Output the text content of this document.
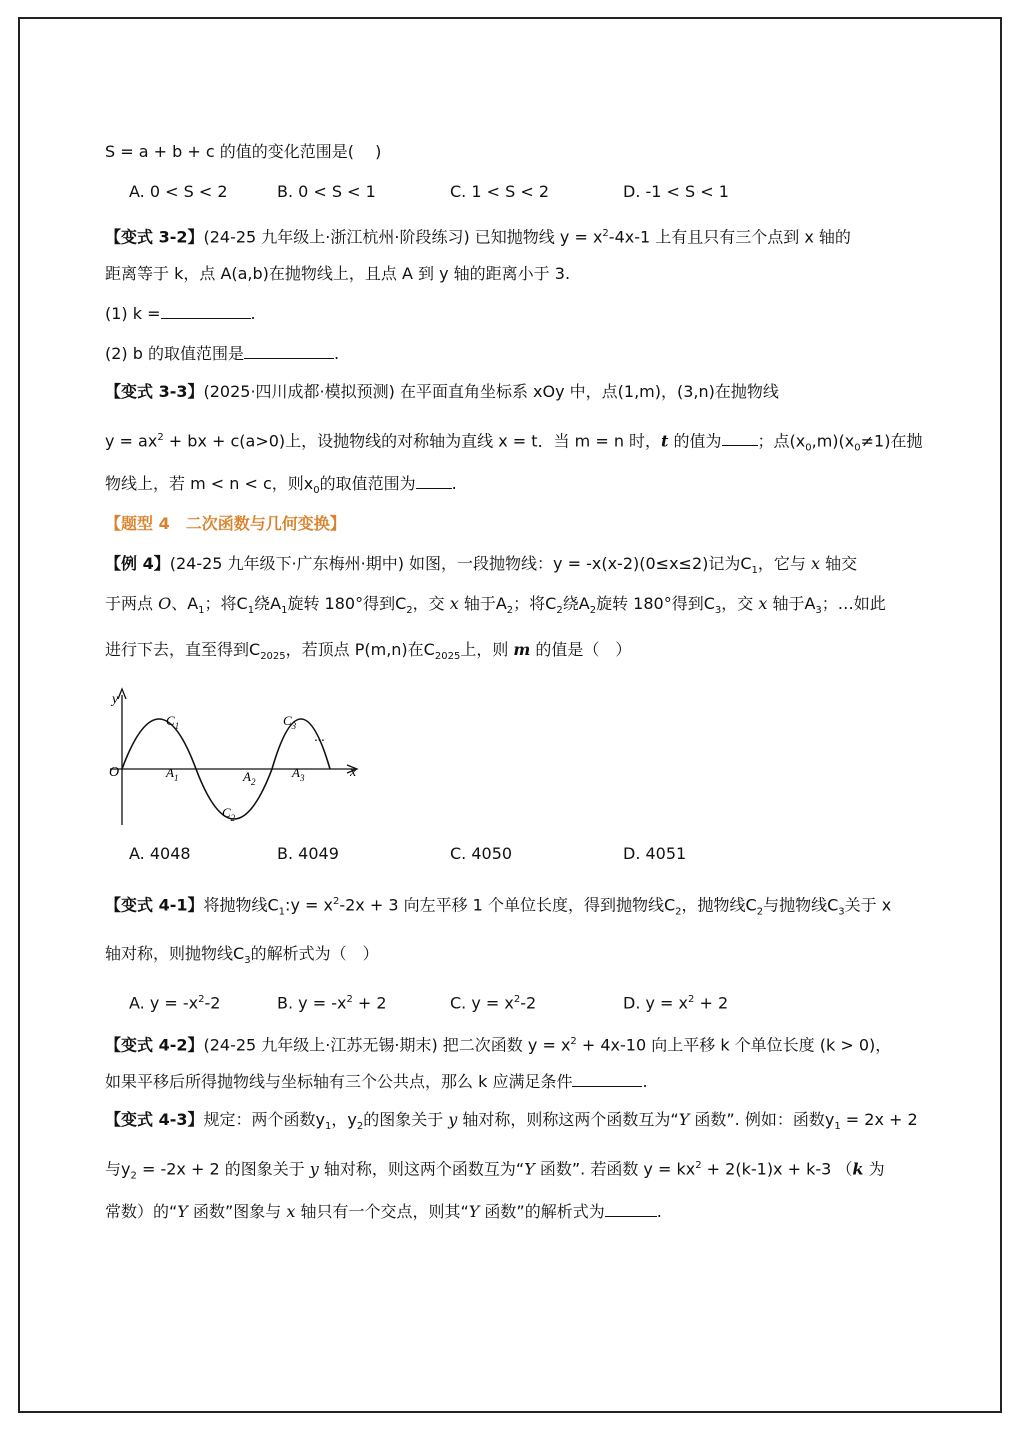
S = a + b + c 的值的变化范围是(　 )
A. 0 < S < 2	B. 0 < S < 1	C. 1 < S < 2	D. -1 < S < 1
【变式 3-2】(24-25 九年级上·浙江杭州·阶段练习) 已知抛物线 $y = x^2-4x-1$ 上有且只有三个点到 x 轴的
距离等于 k，点 A(a,b)在抛物线上，且点 A 到 y 轴的距离小于 3.
(1) k =	.
(2) b 的取值范围是	.
【变式 3-3】(2025·四川成都·模拟预测) 在平面直角坐标系 xOy 中，点(1,m)，(3,n)在抛物线
$y = ax^2$ + bx + c(a>0)上，设抛物线的对称轴为直线 x = t．当 m = n 时，t 的值为 ；点$(x_0,m)(x_0\ne 1)$在抛
物线上，若 m < n < c，则$x_0$的取值范围为 .
【题型 4　二次函数与几何变换】
【例 4】(24-25 九年级下·广东梅州·期中) 如图，一段抛物线：y = -x(x-2)(0≤x≤2)记为$C_1$，它与 x 轴交
于两点 O、$A_1$；将$C_1$绕$A_1$旋转 180°得到$C_2$，交 x 轴于$A_2$；将$C_2$绕$A_2$旋转 180°得到$C_3$，交 x 轴于$A_3$；…如此
进行下去，直至得到$C_{2025}$，若顶点 P(m,n)在$C_{2025}$上，则 m 的值是（　）
y
x
O
$C_1$
$C_2$
$C_3$
$A_1$	$A_2$
$A_3$
···
A. 4048	B. 4049	C. 4050	D. 4051
【变式 4-1】将抛物线$C_1:y = x^2-2x + 3$ 向左平移 1 个单位长度，得到抛物线$C_2$，抛物线$C_2$与抛物线$C_3$关于 x
轴对称，则抛物线$C_3$的解析式为（　）
A. $y = -x^2-2$	B. $y = -x^2 + 2$	C. $y = x^2-2$	D. $y = x^2 + 2$
【变式 4-2】(24-25 九年级上·江苏无锡·期末) 把二次函数 $y = x^2 + 4x-10$ 向上平移 k 个单位长度 (k > 0)，
如果平移后所得抛物线与坐标轴有三个公共点，那么 k 应满足条件	.
【变式 4-3】规定：两个函数$y_1$，$y_2$的图象关于 y 轴对称，则称这两个函数互为“Y 函数”. 例如：函数$y_1 = 2x + 2$
与$y_2 = -2x + 2$ 的图象关于 y 轴对称，则这两个函数互为“Y 函数”. 若函数 $y = kx^2 + 2(k-1)x + k-3$ （k 为
常数）的“Y 函数”图象与 x 轴只有一个交点，则其“Y 函数”的解析式为	.
